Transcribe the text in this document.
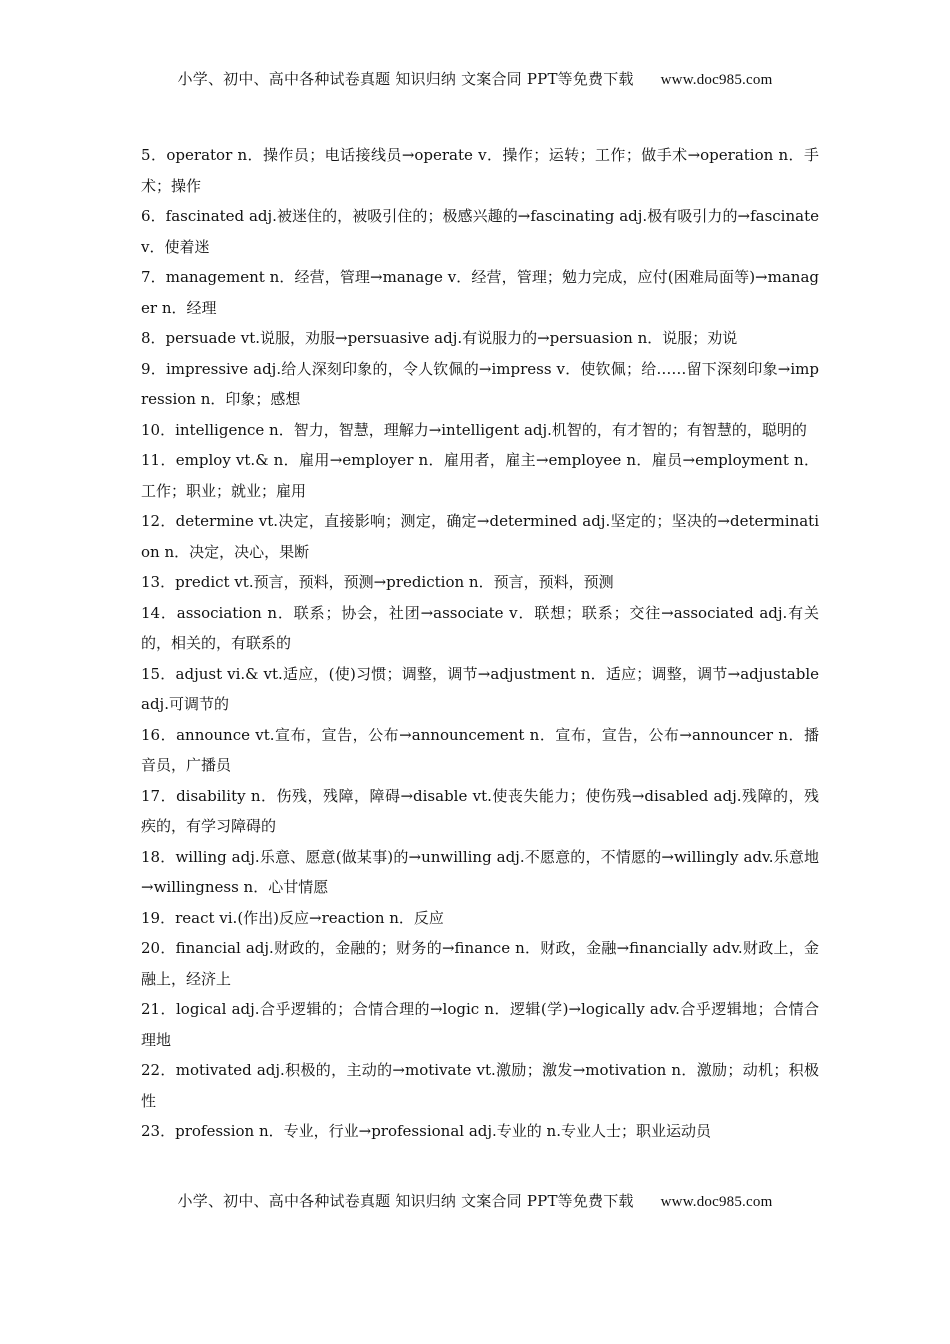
小学、初中、高中各种试卷真题 知识归纳 文案合同 PPT等免费下载 www.doc985.com
5．operator n．操作员；电话接线员→operate v．操作；运转；工作；做手术→operation n．手术；操作
6．fascinated adj.被迷住的，被吸引住的；极感兴趣的→fascinating adj.极有吸引力的→fascinate v．使着迷
7．management n．经营，管理→manage v．经营，管理；勉力完成，应付(困难局面等)→manager n．经理
8．persuade vt.说服，劝服→persuasive adj.有说服力的→persuasion n．说服；劝说
9．impressive adj.给人深刻印象的，令人钦佩的→impress v．使钦佩；给……留下深刻印象→impression n．印象；感想
10．intelligence n．智力，智慧，理解力→intelligent adj.机智的，有才智的；有智慧的，聪明的
11．employ vt.& n．雇用→employer n．雇用者，雇主→employee n．雇员→employment n．工作；职业；就业；雇用
12．determine vt.决定，直接影响；测定，确定→determined adj.坚定的；坚决的→determination n．决定，决心，果断
13．predict vt.预言，预料，预测→prediction n．预言，预料，预测
14．association n．联系；协会，社团→associate v．联想；联系；交往→associated adj.有关的，相关的，有联系的
15．adjust vi.& vt.适应，(使)习惯；调整，调节→adjustment n．适应；调整，调节→adjustable adj.可调节的
16．announce vt.宣布，宣告，公布→announcement n．宣布，宣告，公布→announcer n．播音员，广播员
17．disability n．伤残，残障，障碍→disable vt.使丧失能力；使伤残→disabled adj.残障的，残疾的，有学习障碍的
18．willing adj.乐意、愿意(做某事)的→unwilling adj.不愿意的，不情愿的→willingly adv.乐意地→willingness n．心甘情愿
19．react vi.(作出)反应→reaction n．反应
20．financial adj.财政的，金融的；财务的→finance n．财政，金融→financially adv.财政上，金融上，经济上
21．logical adj.合乎逻辑的；合情合理的→logic n．逻辑(学)→logically adv.合乎逻辑地；合情合理地
22．motivated adj.积极的，主动的→motivate vt.激励；激发→motivation n．激励；动机；积极性
23．profession n．专业，行业→professional adj.专业的 n.专业人士；职业运动员
小学、初中、高中各种试卷真题 知识归纳 文案合同 PPT等免费下载 www.doc985.com
